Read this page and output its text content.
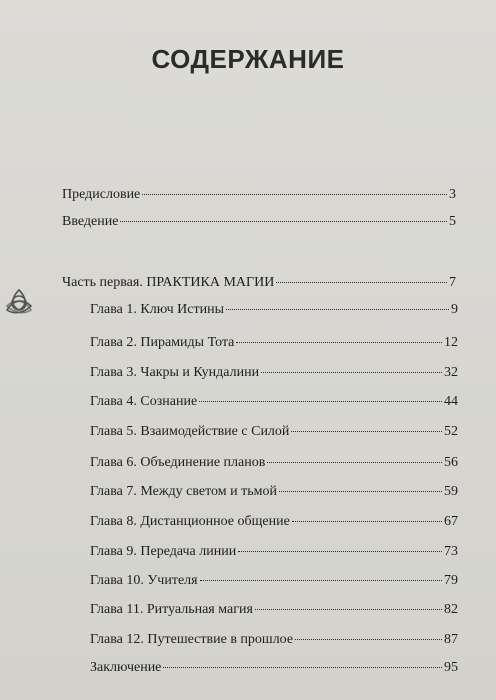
СОДЕРЖАНИЕ
Предисловие	3
Введение	5
Часть первая. ПРАКТИКА МАГИИ	7
Глава 1. Ключ Истины	9
Глава 2. Пирамиды Тота	12
Глава 3. Чакры и Кундалини	32
Глава 4. Сознание	44
Глава 5. Взаимодействие с Силой	52
Глава 6. Объединение планов	56
Глава 7. Между светом и тьмой	59
Глава 8. Дистанционное общение	67
Глава 9. Передача линии	73
Глава 10. Учителя	79
Глава 11. Ритуальная магия	82
Глава 12. Путешествие в прошлое	87
Заключение	95
